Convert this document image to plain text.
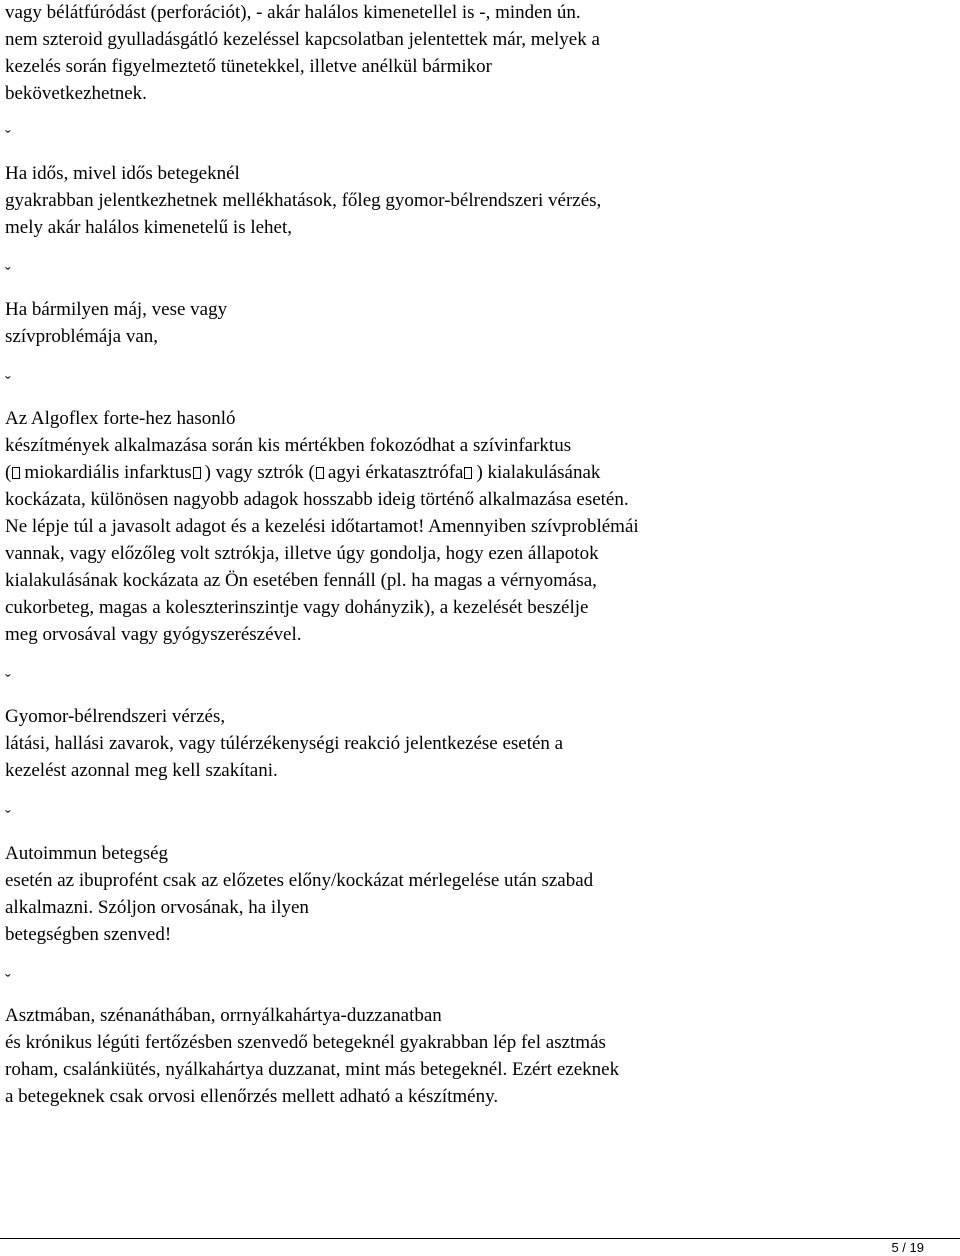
vagy bélátfúródást (perforációt), - akár halálos kimenetellel is -, minden ún.
nem szteroid gyulladásgátló kezeléssel kapcsolatban jelentettek már, melyek a
kezelés során figyelmeztető tünetekkel, illetve anélkül bármikor
bekövetkezhetnek.
ˇ
Ha idős, mivel idős betegeknél
gyakrabban jelentkezhetnek mellékhatások, főleg gyomor-bélrendszeri vérzés,
mely akár halálos kimenetelű is lehet,
ˇ
Ha bármilyen máj, vese vagy
szívproblémája van,
ˇ
Az Algoflex forte-hez hasonló
készítmények alkalmazása során kis mértékben fokozódhat a szívinfarktus
( miokardiális infarktus ) vagy sztrók ( agyi érkatasztrófa ) kialakulásának
kockázata, különösen nagyobb adagok hosszabb ideig történő alkalmazása esetén.
Ne lépje túl a javasolt adagot és a kezelési időtartamot! Amennyiben szívproblémái
vannak, vagy előzőleg volt sztrókja, illetve úgy gondolja, hogy ezen állapotok
kialakulásának kockázata az Ön esetében fennáll (pl. ha magas a vérnyomása,
cukorbeteg, magas a koleszterinszintje vagy dohányzik), a kezelését beszélje
meg orvosával vagy gyógyszerészével.
ˇ
Gyomor-bélrendszeri vérzés,
látási, hallási zavarok, vagy túlérzékenységi reakció jelentkezése esetén a
kezelést azonnal meg kell szakítani.
ˇ
Autoimmun betegség
esetén az ibuprofént csak az előzetes előny/kockázat mérlegelése után szabad
alkalmazni. Szóljon orvosának, ha ilyen
betegségben szenved!
ˇ
Asztmában, szénanáthában, orrnyálkahártya-duzzanatban
és krónikus légúti fertőzésben szenvedő betegeknél gyakrabban lép fel asztmás
roham, csalánkiütés, nyálkahártya duzzanat, mint más betegeknél. Ezért ezeknek
a betegeknek csak orvosi ellenőrzés mellett adható a készítmény.
5 / 19
